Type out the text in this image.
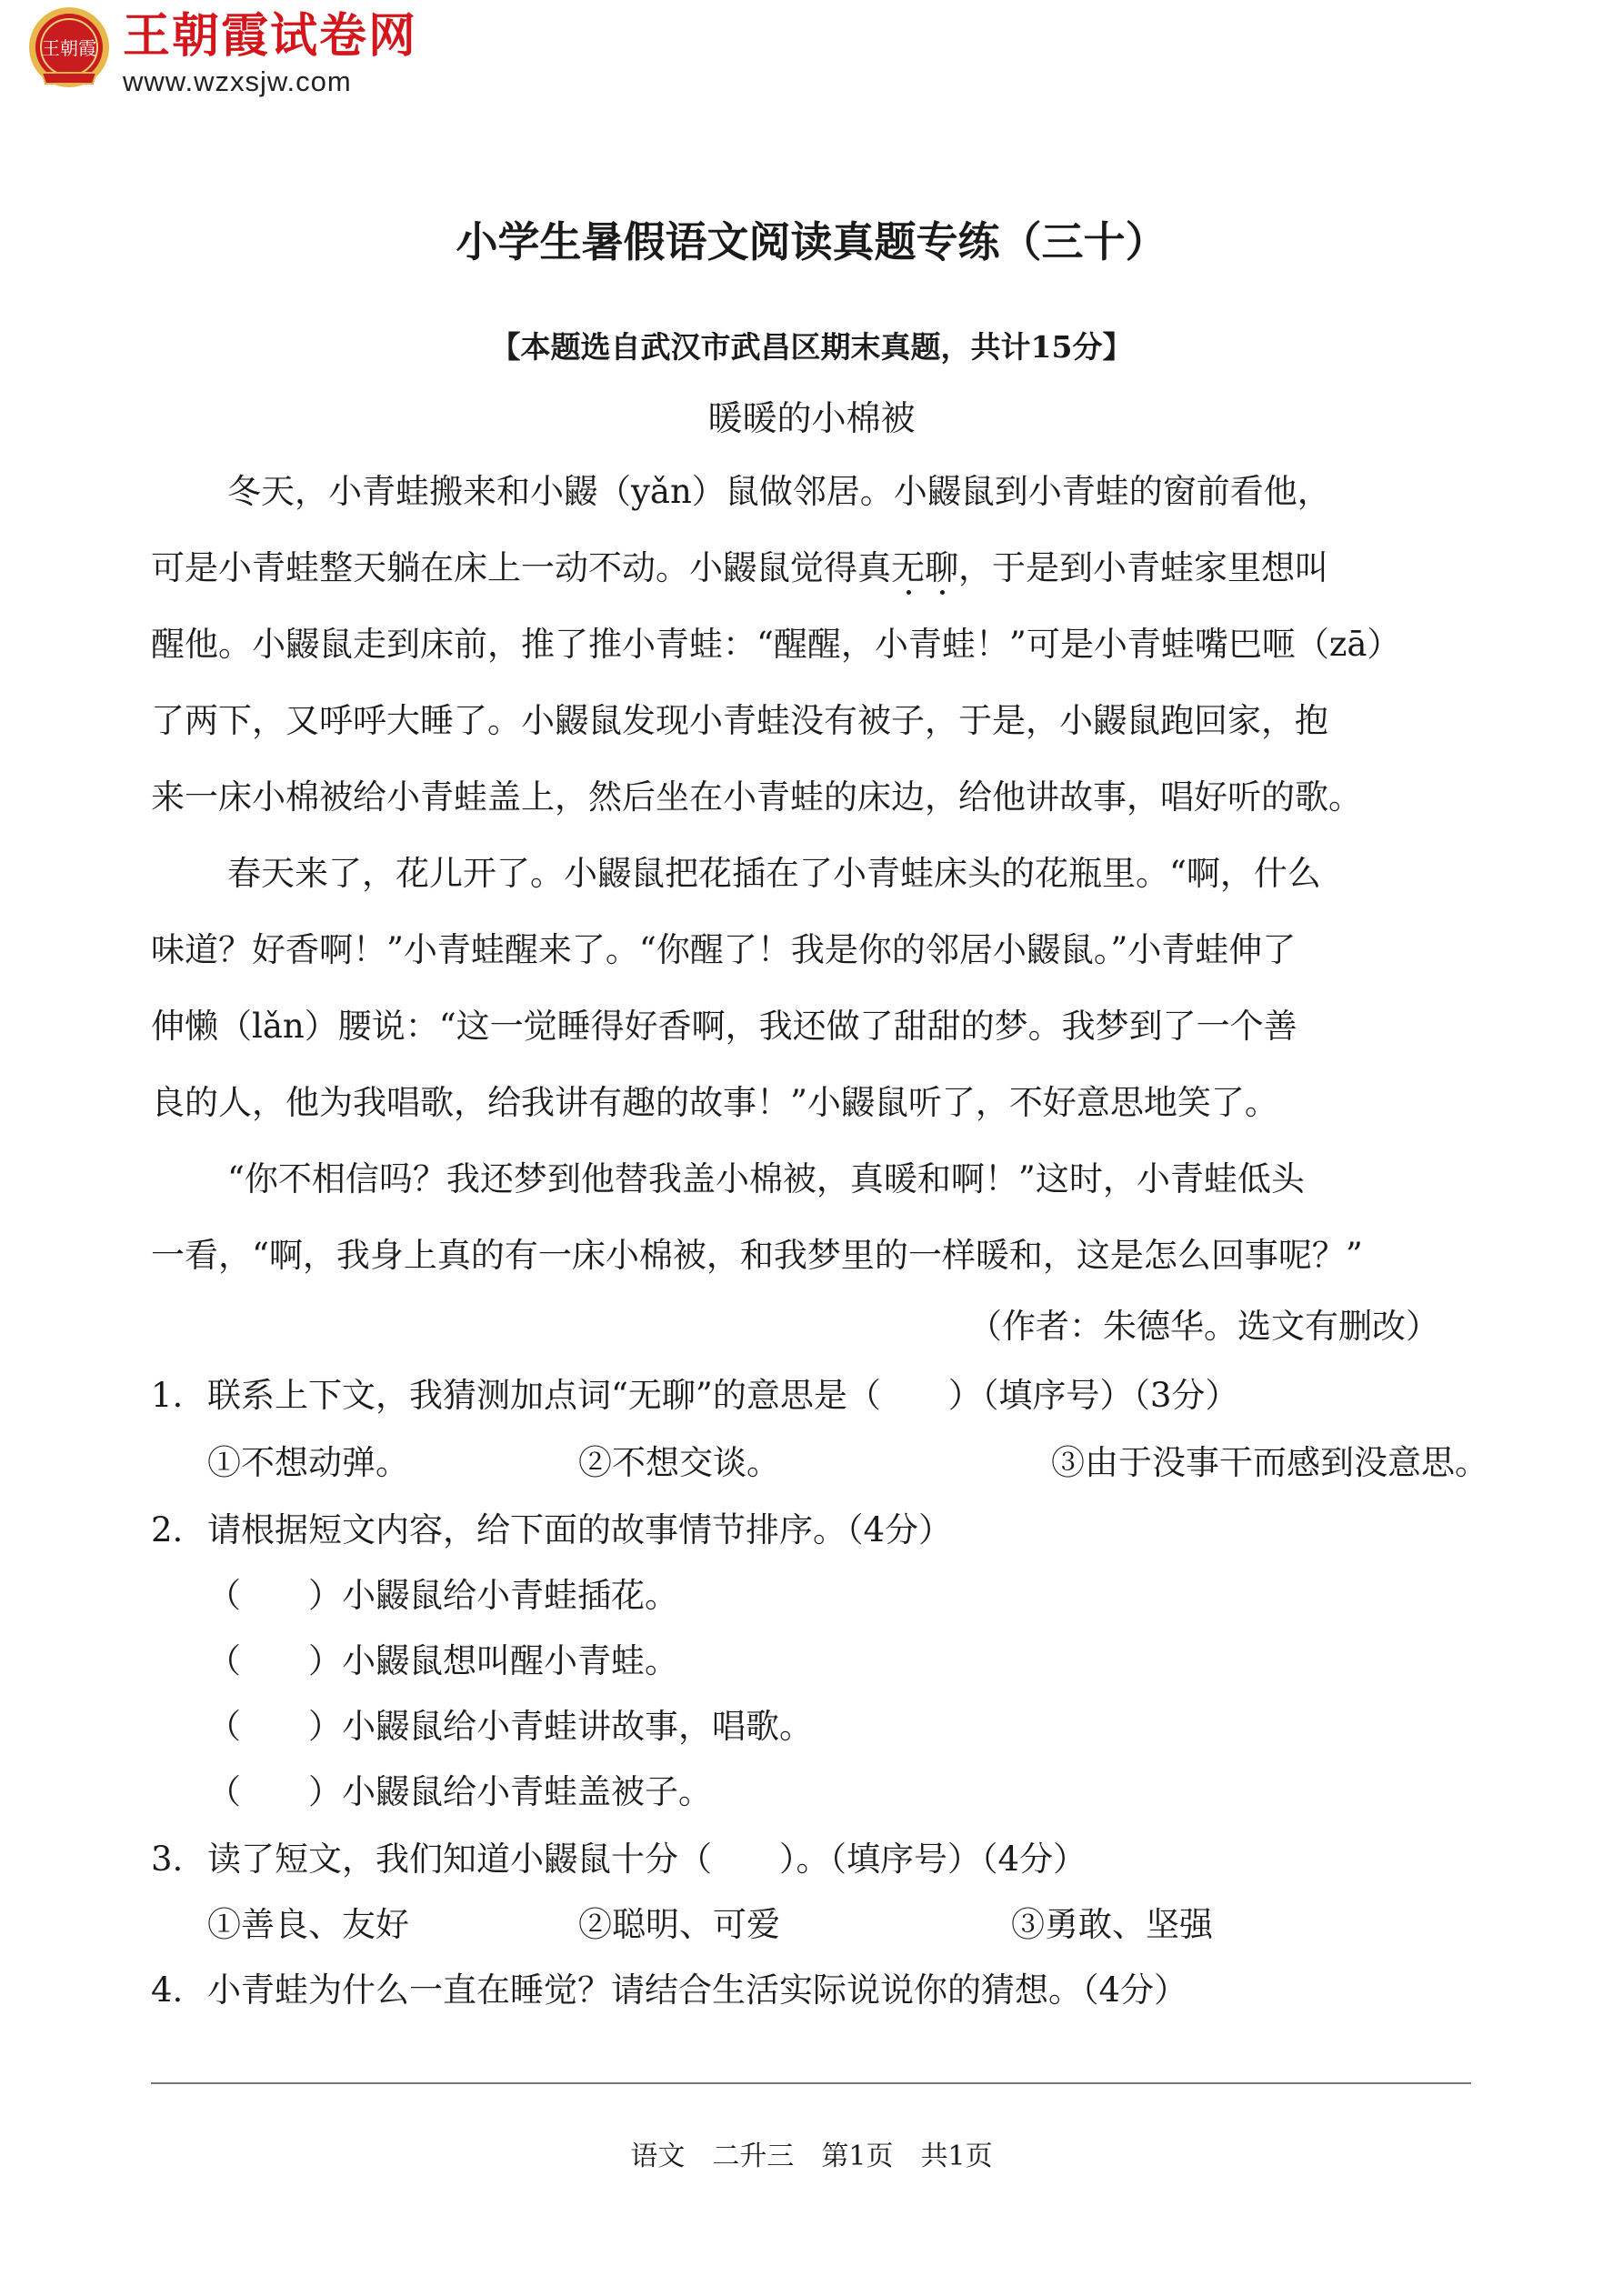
王朝霞 王朝霞试卷网
www.wzxsjw.com
小学生暑假语文阅读真题专练（三十）
【本题选自武汉市武昌区期末真题，共计15分】
暖暖的小棉被
冬天，小青蛙搬来和小鼹（yǎn）鼠做邻居。小鼹鼠到小青蛙的窗前看他，
可是小青蛙整天躺在床上一动不动。小鼹鼠觉得真无聊，于是到小青蛙家里想叫
醒他。小鼹鼠走到床前，推了推小青蛙：“醒醒，小青蛙！”可是小青蛙嘴巴咂（zā）
了两下，又呼呼大睡了。小鼹鼠发现小青蛙没有被子，于是，小鼹鼠跑回家，抱
来一床小棉被给小青蛙盖上，然后坐在小青蛙的床边，给他讲故事，唱好听的歌。
春天来了，花儿开了。小鼹鼠把花插在了小青蛙床头的花瓶里。“啊，什么
味道？好香啊！”小青蛙醒来了。“你醒了！我是你的邻居小鼹鼠。”小青蛙伸了
伸懒（lǎn）腰说：“这一觉睡得好香啊，我还做了甜甜的梦。我梦到了一个善
良的人，他为我唱歌，给我讲有趣的故事！”小鼹鼠听了，不好意思地笑了。
“你不相信吗？我还梦到他替我盖小棉被，真暖和啊！”这时，小青蛙低头
一看，“啊，我身上真的有一床小棉被，和我梦里的一样暖和，这是怎么回事呢？”
（作者：朱德华。选文有删改）
1. 联系上下文，我猜测加点词“无聊”的意思是（　　）（填序号）（3分）
①不想动弹。	②不想交谈。	③由于没事干而感到没意思。
2. 请根据短文内容，给下面的故事情节排序。（4分）
（　　）小鼹鼠给小青蛙插花。
（　　）小鼹鼠想叫醒小青蛙。
（　　）小鼹鼠给小青蛙讲故事，唱歌。
（　　）小鼹鼠给小青蛙盖被子。
3. 读了短文，我们知道小鼹鼠十分（　　）。（填序号）（4分）
①善良、友好	②聪明、可爱	③勇敢、坚强
4. 小青蛙为什么一直在睡觉？请结合生活实际说说你的猜想。（4分）
语文　二升三　第1页　共1页
